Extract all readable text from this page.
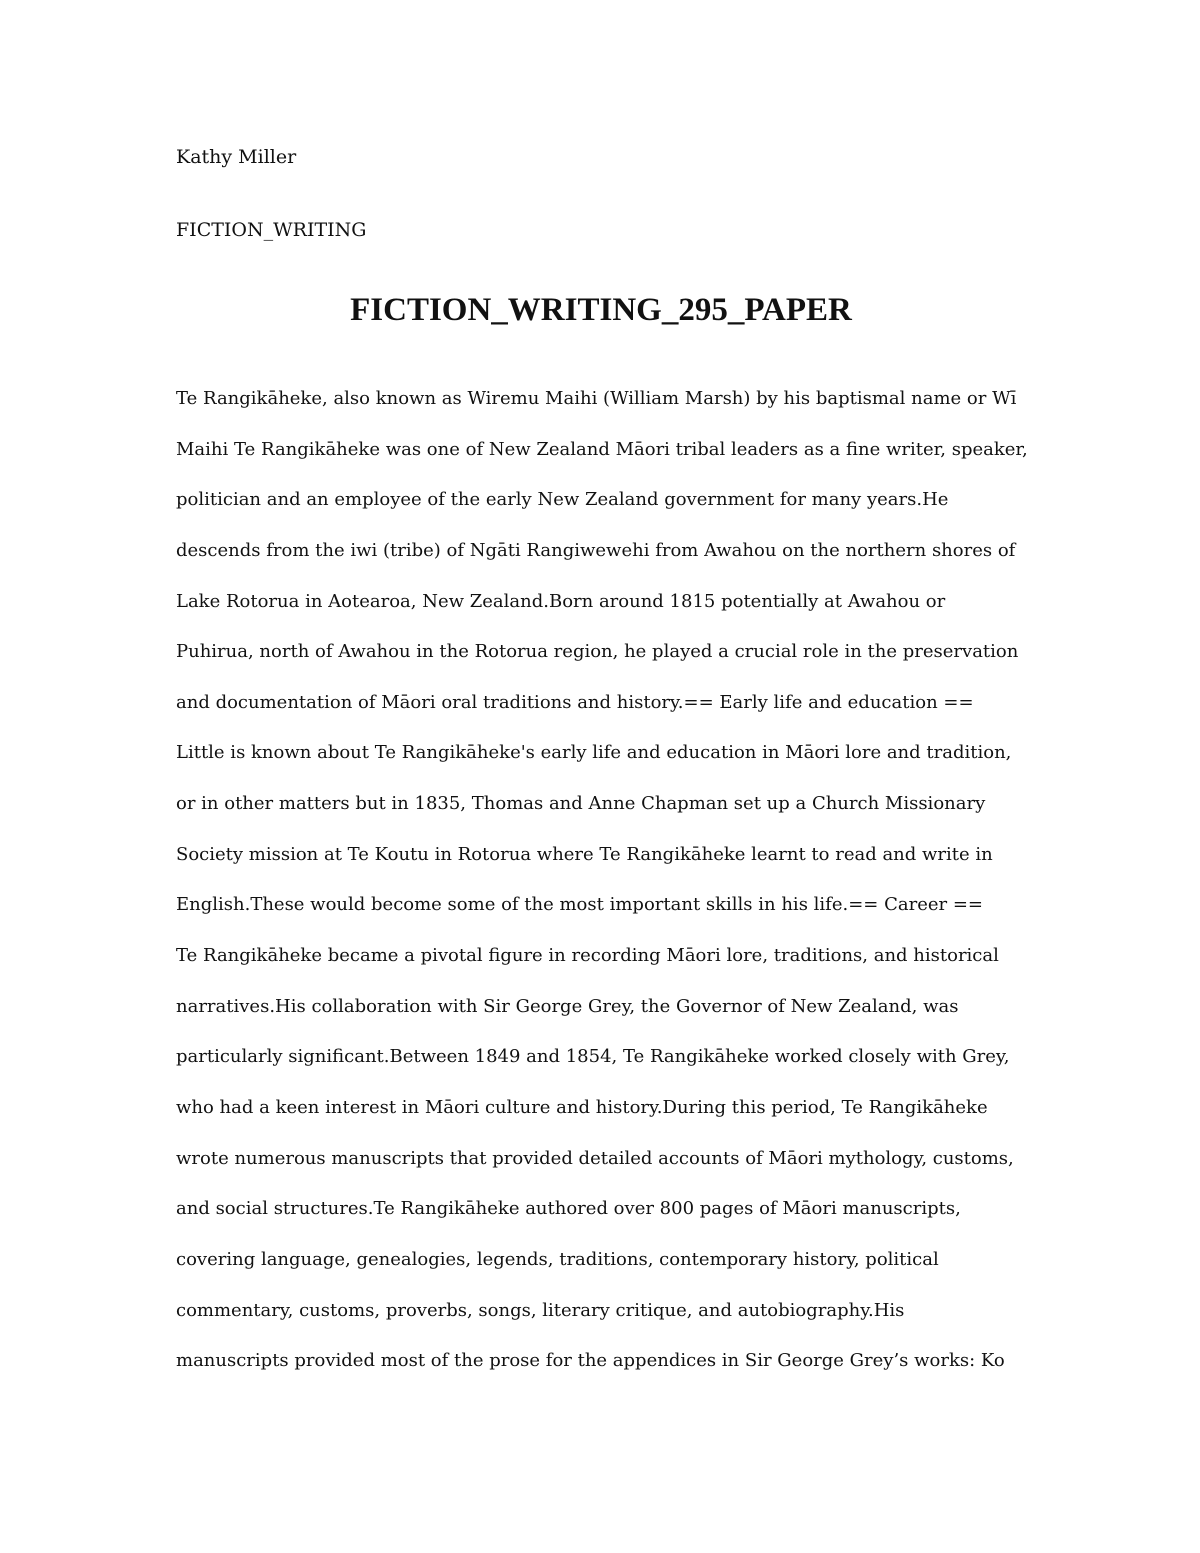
Kathy Miller
FICTION_WRITING
FICTION_WRITING_295_PAPER
Te Rangikāheke, also known as Wiremu Maihi (William Marsh) by his baptismal name or Wī
Maihi Te Rangikāheke was one of New Zealand Māori tribal leaders as a fine writer, speaker,
politician and an employee of the early New Zealand government for many years.He
descends from the iwi (tribe) of Ngāti Rangiwewehi from Awahou on the northern shores of
Lake Rotorua in Aotearoa, New Zealand.Born around 1815 potentially at Awahou or
Puhirua, north of Awahou in the Rotorua region, he played a crucial role in the preservation
and documentation of Māori oral traditions and history.== Early life and education ==
Little is known about Te Rangikāheke's early life and education in Māori lore and tradition,
or in other matters but in 1835, Thomas and Anne Chapman set up a Church Missionary
Society mission at Te Koutu in Rotorua where Te Rangikāheke learnt to read and write in
English.These would become some of the most important skills in his life.== Career ==
Te Rangikāheke became a pivotal figure in recording Māori lore, traditions, and historical
narratives.His collaboration with Sir George Grey, the Governor of New Zealand, was
particularly significant.Between 1849 and 1854, Te Rangikāheke worked closely with Grey,
who had a keen interest in Māori culture and history.During this period, Te Rangikāheke
wrote numerous manuscripts that provided detailed accounts of Māori mythology, customs,
and social structures.Te Rangikāheke authored over 800 pages of Māori manuscripts,
covering language, genealogies, legends, traditions, contemporary history, political
commentary, customs, proverbs, songs, literary critique, and autobiography.His
manuscripts provided most of the prose for the appendices in Sir George Grey’s works: Ko
